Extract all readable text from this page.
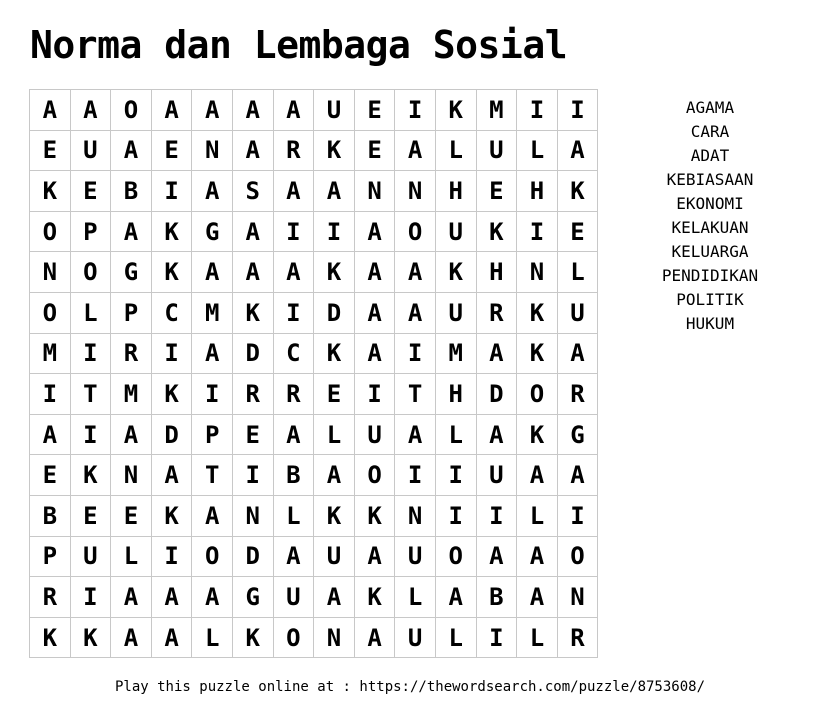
Norma dan Lembaga Sosial
A	A	O	A	A	A	A	U	E	I	K	M	I	I
E	U	A	E	N	A	R	K	E	A	L	U	L	A
K	E	B	I	A	S	A	A	N	N	H	E	H	K
O	P	A	K	G	A	I	I	A	O	U	K	I	E
N	O	G	K	A	A	A	K	A	A	K	H	N	L
O	L	P	C	M	K	I	D	A	A	U	R	K	U
M	I	R	I	A	D	C	K	A	I	M	A	K	A
I	T	M	K	I	R	R	E	I	T	H	D	O	R
A	I	A	D	P	E	A	L	U	A	L	A	K	G
E	K	N	A	T	I	B	A	O	I	I	U	A	A
B	E	E	K	A	N	L	K	K	N	I	I	L	I
P	U	L	I	O	D	A	U	A	U	O	A	A	O
R	I	A	A	A	G	U	A	K	L	A	B	A	N
K	K	A	A	L	K	O	N	A	U	L	I	L	R
AGAMA
CARA
ADAT
KEBIASAAN
EKONOMI
KELAKUAN
KELUARGA
PENDIDIKAN
POLITIK
HUKUM
Play this puzzle online at : https://thewordsearch.com/puzzle/8753608/
